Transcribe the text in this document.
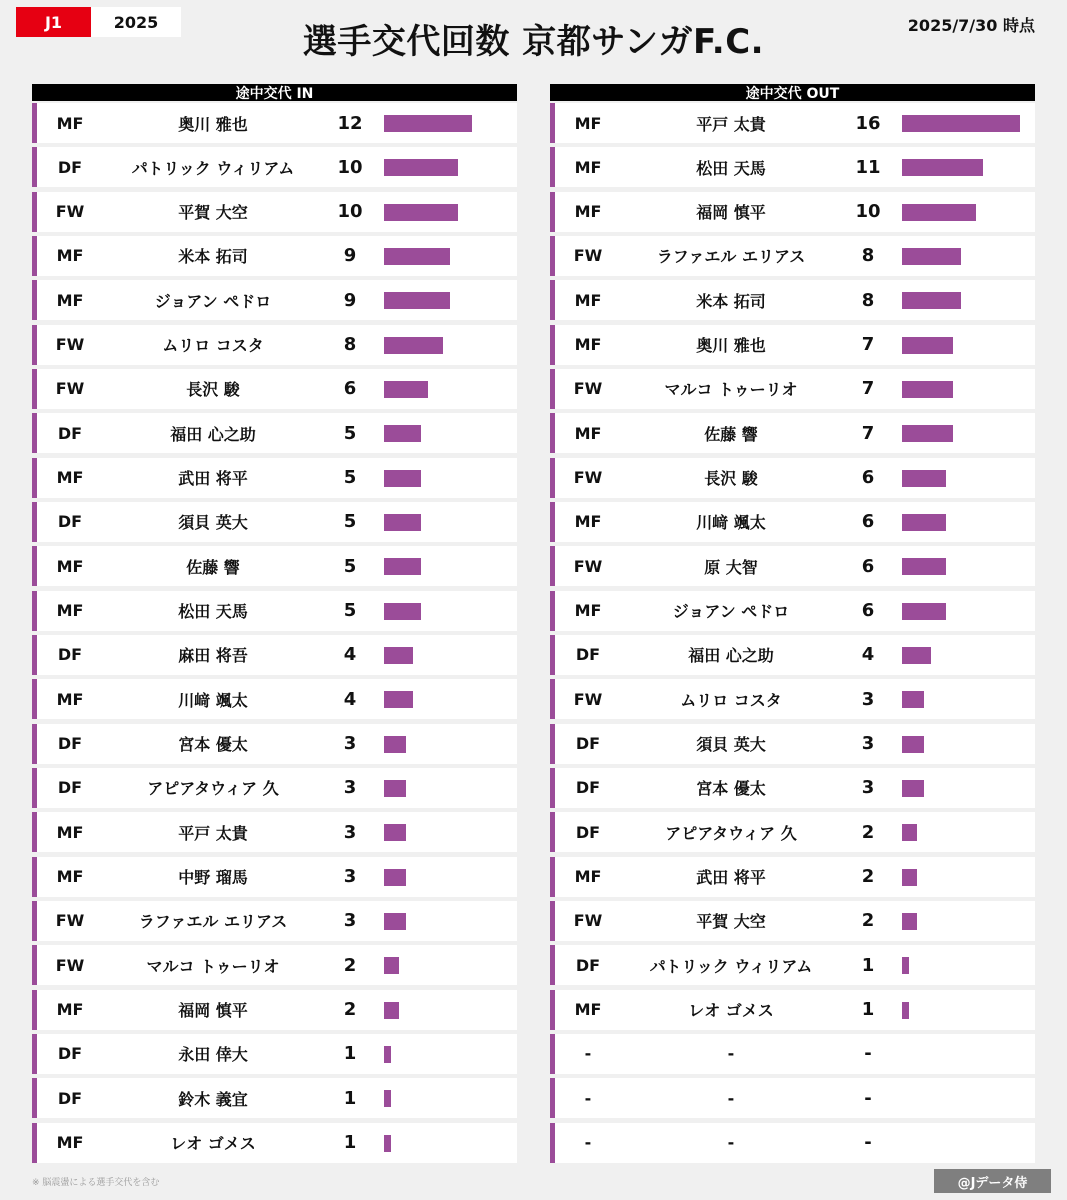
J1	2025	選手交代回数 京都サンガF.C.	2025/7/30 時点
途中交代 IN
MF	奥川 雅也	12
DF	パトリック ウィリアム	10
FW	平賀 大空	10
MF	米本 拓司	9
MF	ジョアン ペドロ	9
FW	ムリロ コスタ	8
FW	長沢 駿	6
DF	福田 心之助	5
MF	武田 将平	5
DF	須貝 英大	5
MF	佐藤 響	5
MF	松田 天馬	5
DF	麻田 将吾	4
MF	川﨑 颯太	4
DF	宮本 優太	3
DF	アピアタウィア 久	3
MF	平戸 太貴	3
MF	中野 瑠馬	3
FW	ラファエル エリアス	3
FW	マルコ トゥーリオ	2
MF	福岡 慎平	2
DF	永田 倖大	1
DF	鈴木 義宜	1
MF	レオ ゴメス	1
途中交代 OUT
MF	平戸 太貴	16
MF	松田 天馬	11
MF	福岡 慎平	10
FW	ラファエル エリアス	8
MF	米本 拓司	8
MF	奥川 雅也	7
FW	マルコ トゥーリオ	7
MF	佐藤 響	7
FW	長沢 駿	6
MF	川﨑 颯太	6
FW	原 大智	6
MF	ジョアン ペドロ	6
DF	福田 心之助	4
FW	ムリロ コスタ	3
DF	須貝 英大	3
DF	宮本 優太	3
DF	アピアタウィア 久	2
MF	武田 将平	2
FW	平賀 大空	2
DF	パトリック ウィリアム	1
MF	レオ ゴメス	1
-	-	-
-	-	-
-	-	-
※ 脳震盪による選手交代を含む	@Jデータ侍
